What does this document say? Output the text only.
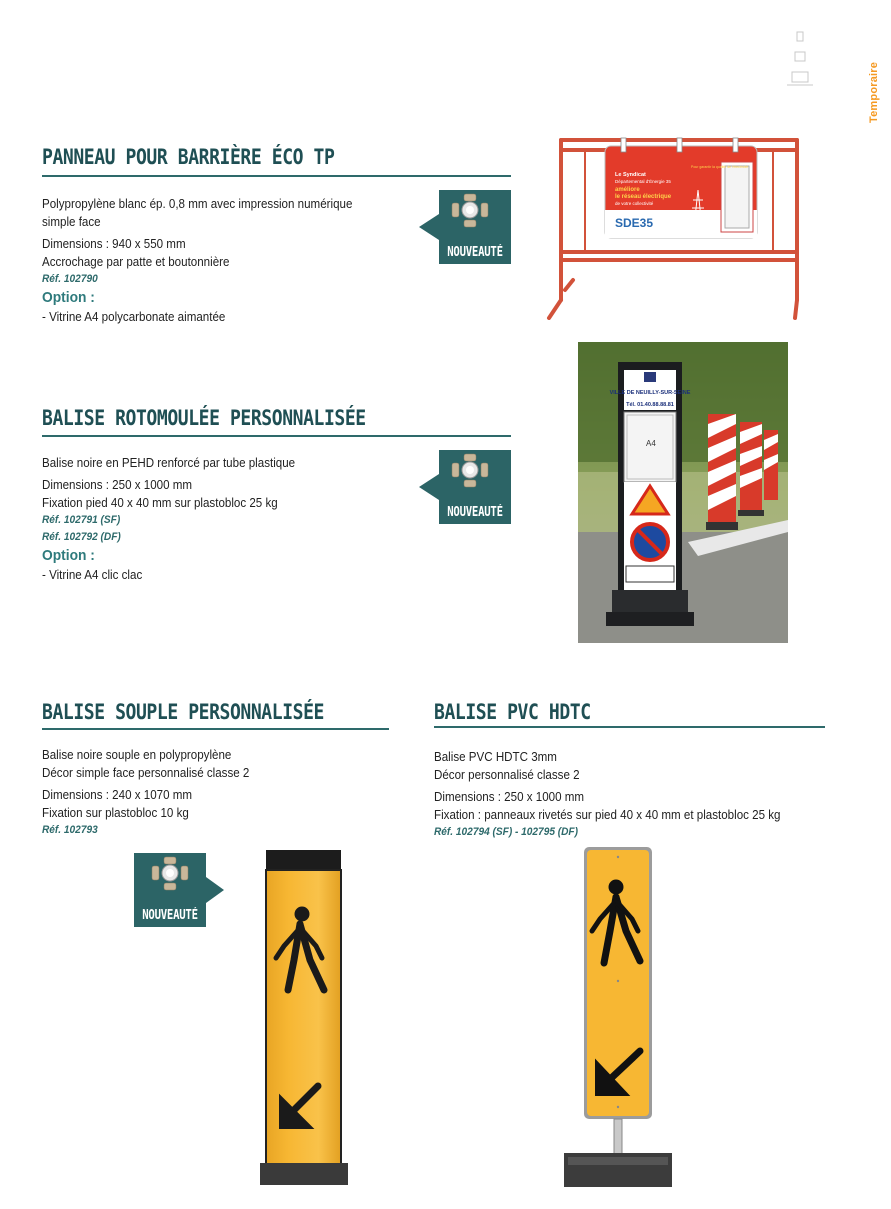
Temporaire
PANNEAU POUR BARRIÈRE ÉCO TP

Polypropylène blanc ép. 0,8 mm avec impression numérique

simple face

Dimensions : 940 x 550 mm

Accrochage par patte et boutonnière

Réf. 102790

Option :

- Vitrine A4 polycarbonate aimantée

NOUVEAUTÉ
Le Syndicat
Départemental d'Énergie 35
améliore
le réseau électrique
de votre collectivité
Pour garantir la qualité de l'électricité
SDE35
BALISE ROTOMOULÉE PERSONNALISÉE

Balise noire en PEHD renforcé par tube plastique

Dimensions : 250 x 1000 mm

Fixation pied 40 x 40 mm sur plastobloc 25 kg

Réf. 102791 (SF)

Réf. 102792 (DF)

Option :

- Vitrine A4 clic clac

NOUVEAUTÉ
VILLE DE NEUILLY-SUR-SEINE
Tél. 01.40.88.88.81
A4
BALISE SOUPLE PERSONNALISÉE

Balise noire souple en polypropylène

Décor simple face personnalisé classe 2

Dimensions : 240 x 1070 mm

Fixation sur plastobloc 10 kg

Réf. 102793

NOUVEAUTÉ
BALISE PVC HDTC

Balise PVC HDTC 3mm

Décor personnalisé classe 2

Dimensions : 250 x 1000 mm

Fixation : panneaux rivetés sur pied 40 x 40 mm et plastobloc 25 kg

Réf. 102794 (SF) - 102795 (DF)
